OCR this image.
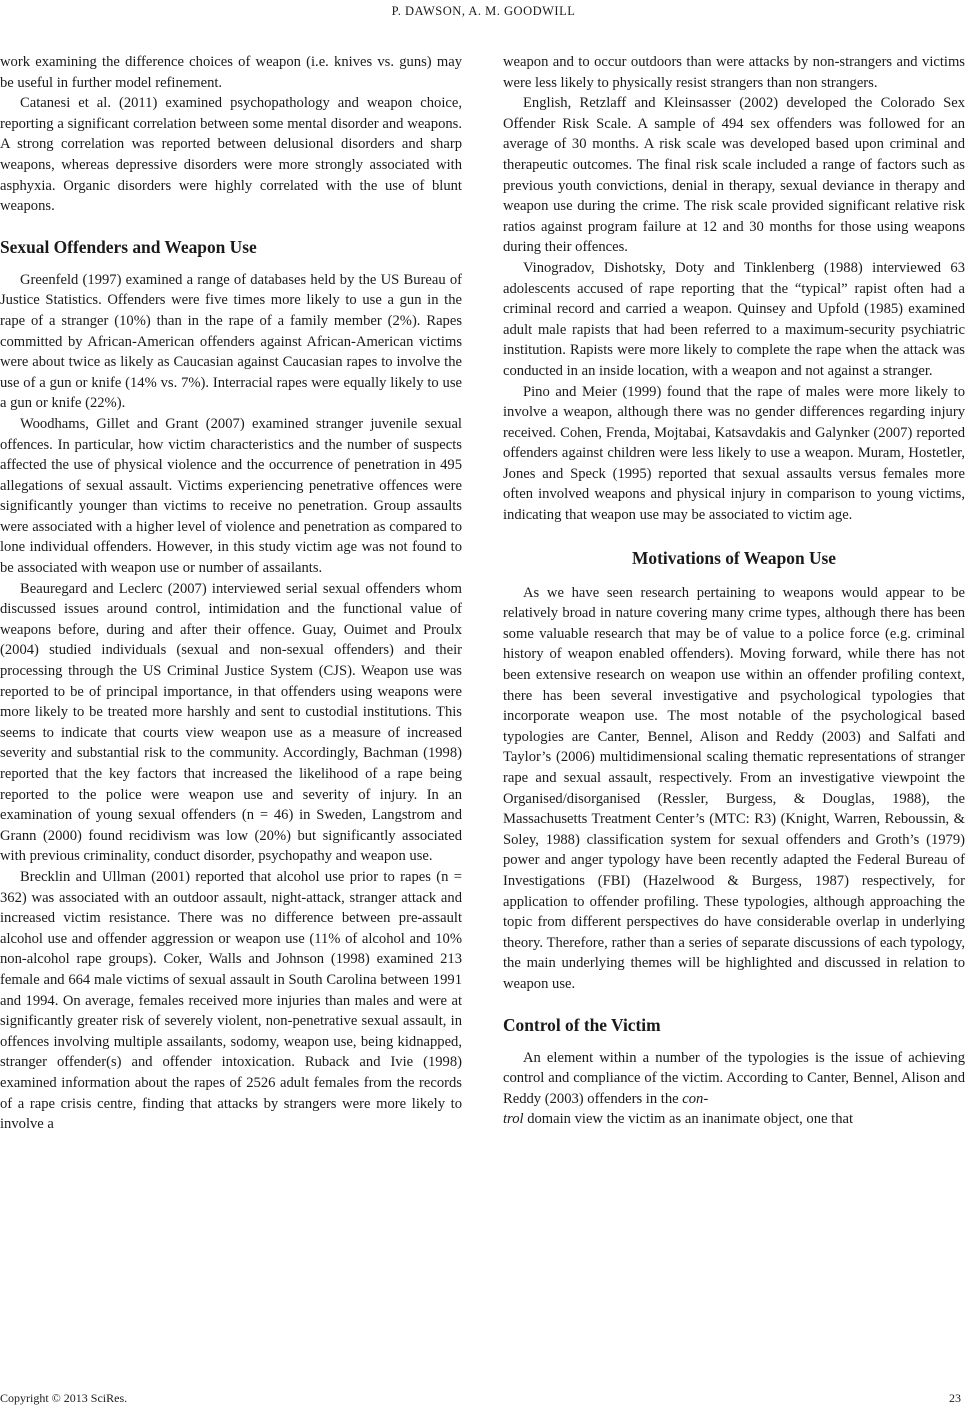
P. DAWSON, A. M. GOODWILL

work examining the difference choices of weapon (i.e. knives vs. guns) may be useful in further model refinement.

Catanesi et al. (2011) examined psychopathology and weapon choice, reporting a significant correlation between some mental disorder and weapons. A strong correlation was reported between delusional disorders and sharp weapons, whereas depressive disorders were more strongly associated with asphyxia. Organic disorders were highly correlated with the use of blunt weapons.

Sexual Offenders and Weapon Use

Greenfeld (1997) examined a range of databases held by the US Bureau of Justice Statistics. Offenders were five times more likely to use a gun in the rape of a stranger (10%) than in the rape of a family member (2%). Rapes committed by African-American offenders against African-American victims were about twice as likely as Caucasian against Caucasian rapes to involve the use of a gun or knife (14% vs. 7%). Interracial rapes were equally likely to use a gun or knife (22%).

Woodhams, Gillet and Grant (2007) examined stranger juvenile sexual offences. In particular, how victim characteristics and the number of suspects affected the use of physical violence and the occurrence of penetration in 495 allegations of sexual assault. Victims experiencing penetrative offences were significantly younger than victims to receive no penetration. Group assaults were associated with a higher level of violence and penetration as compared to lone individual offenders. However, in this study victim age was not found to be associated with weapon use or number of assailants.

Beauregard and Leclerc (2007) interviewed serial sexual offenders whom discussed issues around control, intimidation and the functional value of weapons before, during and after their offence. Guay, Ouimet and Proulx (2004) studied individuals (sexual and non-sexual offenders) and their processing through the US Criminal Justice System (CJS). Weapon use was reported to be of principal importance, in that offenders using weapons were more likely to be treated more harshly and sent to custodial institutions. This seems to indicate that courts view weapon use as a measure of increased severity and substantial risk to the community. Accordingly, Bachman (1998) reported that the key factors that increased the likelihood of a rape being reported to the police were weapon use and severity of injury. In an examination of young sexual offenders (n = 46) in Sweden, Langstrom and Grann (2000) found recidivism was low (20%) but significantly associated with previous criminality, conduct disorder, psychopathy and weapon use.

Brecklin and Ullman (2001) reported that alcohol use prior to rapes (n = 362) was associated with an outdoor assault, night-attack, stranger attack and increased victim resistance. There was no difference between pre-assault alcohol use and offender aggression or weapon use (11% of alcohol and 10% non-alcohol rape groups). Coker, Walls and Johnson (1998) examined 213 female and 664 male victims of sexual assault in South Carolina between 1991 and 1994. On average, females received more injuries than males and were at significantly greater risk of severely violent, non-penetrative sexual assault, in offences involving multiple assailants, sodomy, weapon use, being kidnapped, stranger offender(s) and offender intoxication. Ruback and Ivie (1998) examined information about the rapes of 2526 adult females from the records of a rape crisis centre, finding that attacks by strangers were more likely to involve a

weapon and to occur outdoors than were attacks by non-strangers and victims were less likely to physically resist strangers than non strangers.

English, Retzlaff and Kleinsasser (2002) developed the Colorado Sex Offender Risk Scale. A sample of 494 sex offenders was followed for an average of 30 months. A risk scale was developed based upon criminal and therapeutic outcomes. The final risk scale included a range of factors such as previous youth convictions, denial in therapy, sexual deviance in therapy and weapon use during the crime. The risk scale provided significant relative risk ratios against program failure at 12 and 30 months for those using weapons during their offences.

Vinogradov, Dishotsky, Doty and Tinklenberg (1988) interviewed 63 adolescents accused of rape reporting that the “typical” rapist often had a criminal record and carried a weapon. Quinsey and Upfold (1985) examined adult male rapists that had been referred to a maximum-security psychiatric institution. Rapists were more likely to complete the rape when the attack was conducted in an inside location, with a weapon and not against a stranger.

Pino and Meier (1999) found that the rape of males were more likely to involve a weapon, although there was no gender differences regarding injury received. Cohen, Frenda, Mojtabai, Katsavdakis and Galynker (2007) reported offenders against children were less likely to use a weapon. Muram, Hostetler, Jones and Speck (1995) reported that sexual assaults versus females more often involved weapons and physical injury in comparison to young victims, indicating that weapon use may be associated to victim age.

Motivations of Weapon Use

As we have seen research pertaining to weapons would appear to be relatively broad in nature covering many crime types, although there has been some valuable research that may be of value to a police force (e.g. criminal history of weapon enabled offenders). Moving forward, while there has not been extensive research on weapon use within an offender profiling context, there has been several investigative and psychological typologies that incorporate weapon use. The most notable of the psychological based typologies are Canter, Bennel, Alison and Reddy (2003) and Salfati and Taylor’s (2006) multidimensional scaling thematic representations of stranger rape and sexual assault, respectively. From an investigative viewpoint the Organised/disorganised (Ressler, Burgess, & Douglas, 1988), the Massachusetts Treatment Center’s (MTC: R3) (Knight, Warren, Reboussin, & Soley, 1988) classification system for sexual offenders and Groth’s (1979) power and anger typology have been recently adapted the Federal Bureau of Investigations (FBI) (Hazelwood & Burgess, 1987) respectively, for application to offender profiling. These typologies, although approaching the topic from different perspectives do have considerable overlap in underlying theory. Therefore, rather than a series of separate discussions of each typology, the main underlying themes will be highlighted and discussed in relation to weapon use.

Control of the Victim

An element within a number of the typologies is the issue of achieving control and compliance of the victim. According to Canter, Bennel, Alison and Reddy (2003) offenders in the con-
trol domain view the victim as an inanimate object, one that

Copyright © 2013 SciRes.	23
